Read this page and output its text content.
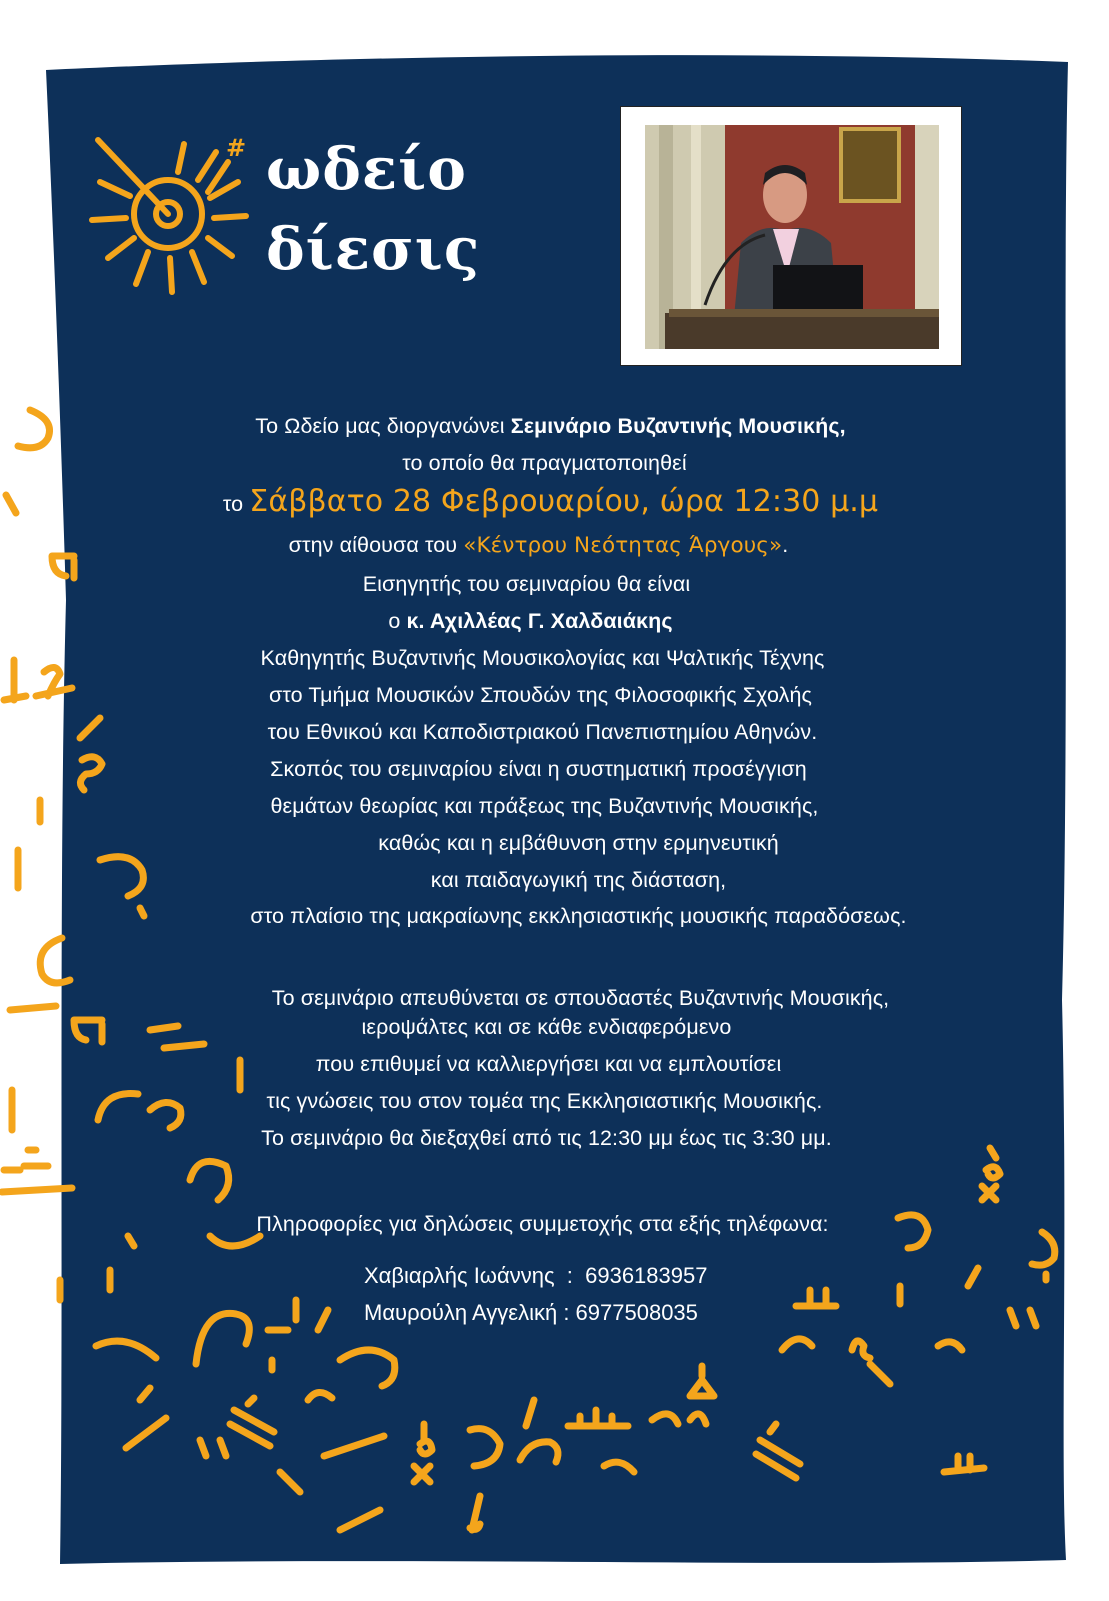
# ωδείο
δίεσις
Το Ωδείο μας διοργανώνει Σεμινάριο Βυζαντινής Μουσικής,
το οποίο θα πραγματοποιηθεί
το Σάββατο 28 Φεβρουαρίου, ώρα 12:30 μ.μ
στην αίθουσα του «Κέντρου Νεότητας Άργους».
Εισηγητής του σεμιναρίου θα είναι
ο κ. Αχιλλέας Γ. Χαλδαιάκης
Καθηγητής Βυζαντινής Μουσικολογίας και Ψαλτικής Τέχνης
στο Τμήμα Μουσικών Σπουδών της Φιλοσοφικής Σχολής
του Εθνικού και Καποδιστριακού Πανεπιστημίου Αθηνών.
Σκοπός του σεμιναρίου είναι η συστηματική προσέγγιση
θεμάτων θεωρίας και πράξεως της Βυζαντινής Μουσικής,
καθώς και η εμβάθυνση στην ερμηνευτική
και παιδαγωγική της διάσταση,
στο πλαίσιο της μακραίωνης εκκλησιαστικής μουσικής παραδόσεως.
Το σεμινάριο απευθύνεται σε σπουδαστές Βυζαντινής Μουσικής,
ιεροψάλτες και σε κάθε ενδιαφερόμενο
που επιθυμεί να καλλιεργήσει και να εμπλουτίσει
τις γνώσεις του στον τομέα της Εκκλησιαστικής Μουσικής.
Το σεμινάριο θα διεξαχθεί από τις 12:30 μμ έως τις 3:30 μμ.
Πληροφορίες για δηλώσεις συμμετοχής στα εξής τηλέφωνα:
Χαβιαρλής Ιωάννης  :  6936183957
Μαυρούλη Αγγελική : 6977508035
